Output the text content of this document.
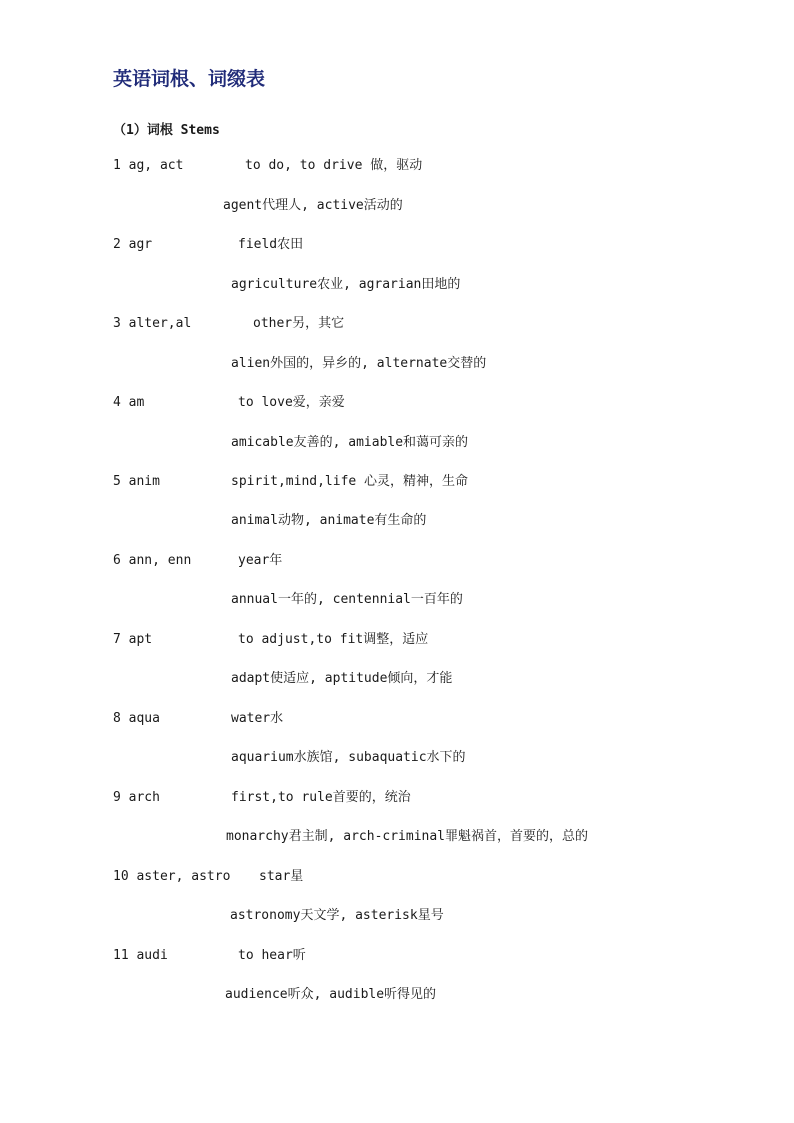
英语词根、词缀表
（1）词根 Stems
1 ag, act	to do, to drive 做，驱动
agent代理人, active活动的
2 agr	field农田
agriculture农业, agrarian田地的
3 alter,al	other另，其它
alien外国的，异乡的, alternate交替的
4 am	to love爱，亲爱
amicable友善的, amiable和蔼可亲的
5 anim	spirit,mind,life 心灵，精神，生命
animal动物, animate有生命的
6 ann, enn	year年
annual一年的, centennial一百年的
7 apt	to adjust,to fit调整，适应
adapt使适应, aptitude倾向，才能
8 aqua	water水
aquarium水族馆, subaquatic水下的
9 arch	first,to rule首要的，统治
monarchy君主制, arch-criminal罪魁祸首，首要的，总的
10 aster, astro star星
astronomy天文学, asterisk星号
11 audi	to hear听
audience听众, audible听得见的
